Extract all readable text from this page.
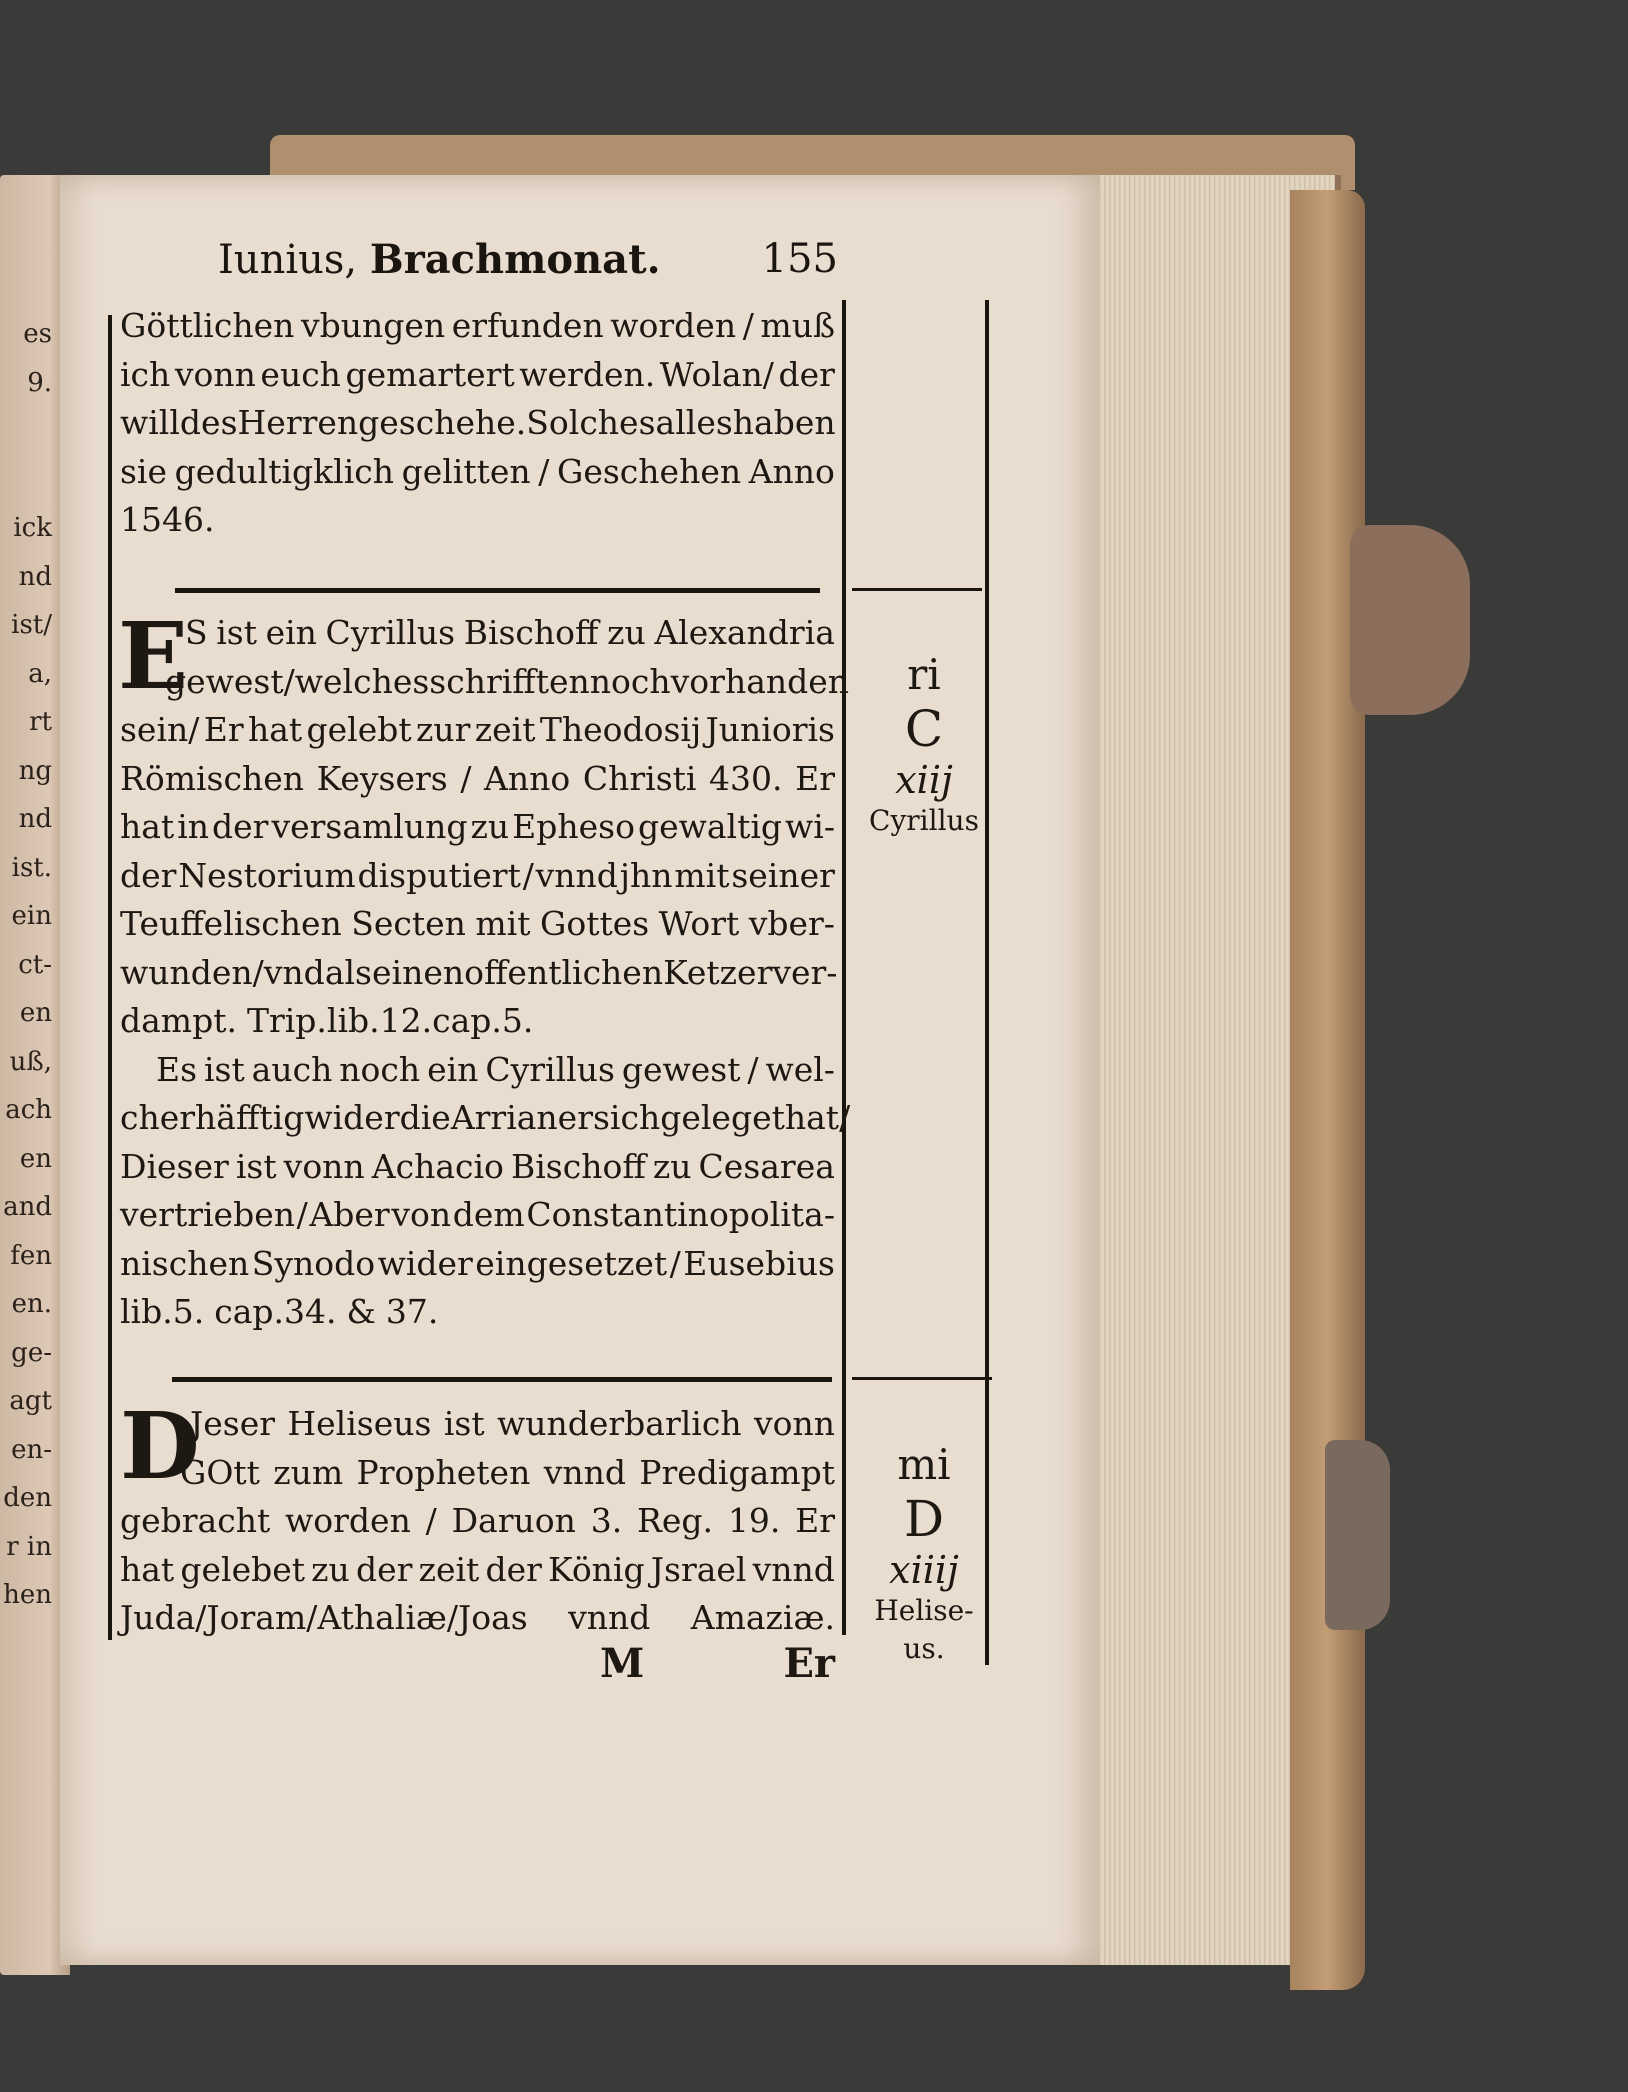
es
9.
ick
nd
ist/
a,
rt
ng
nd
ist.
ein
ct-
en
uß,
ach
en
and
fen
en.
ge-
agt
en-
den
r in
hen
Iunius, Brachmonat.	155
Göttlichen vbungen erfunden worden / muß
ich vonn euch gemartert werden. Wolan/ der
will des Herren geschehe. Solches alles haben
sie gedultigklich gelitten / Geschehen Anno
1546.
E
S ist ein Cyrillus Bischoff zu Alexandria
gewest / welches schrifften noch vorhanden
sein/ Er hat gelebt zur zeit Theodosij Junioris
Römischen Keysers / Anno Christi 430. Er
hat in der versamlung zu Epheso gewaltig wi-
der Nestorium disputiert / vnnd jhn mit seiner
Teuffelischen Secten mit Gottes Wort vber-
wunden/vnd als einen offentlichen Ketzer ver-
dampt. Trip.lib.12.cap.5.
Es ist auch noch ein Cyrillus gewest / wel-
cher häfftig wider die Arrianer sich geleget hat/
Dieser ist vonn Achacio Bischoff zu Cesarea
vertrieben / Aber von dem Constantinopolita-
nischen Synodo wider eingesetzet / Eusebius
lib.5. cap.34. & 37.
ri
C
xiij
Cyrillus
D
Jeser Heliseus ist wunderbarlich vonn
GOtt zum Propheten vnnd Predigampt
gebracht worden / Daruon 3. Reg. 19. Er
hat gelebet zu der zeit der König Jsrael vnnd
Juda/Joram/Athaliæ/Joas vnnd Amaziæ.
mi
D
xiiij
Helise-
us.
M	Er
